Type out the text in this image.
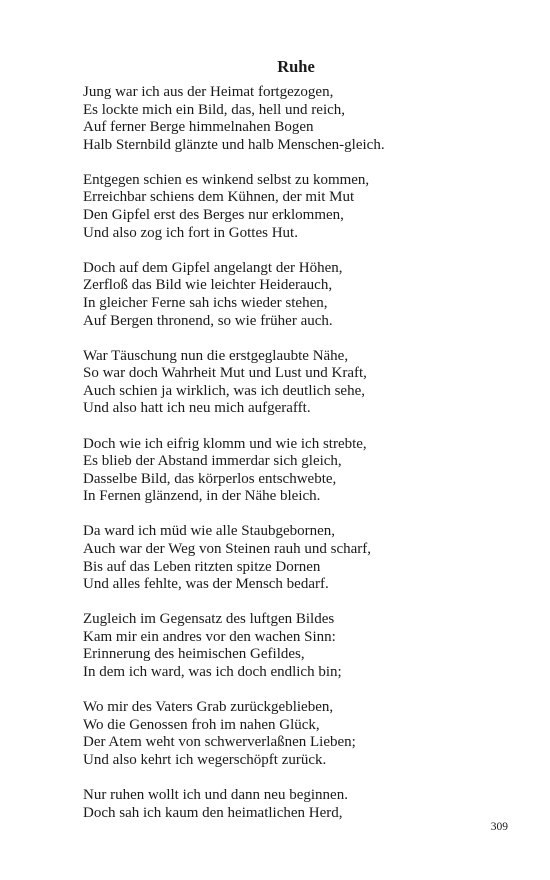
Ruhe

Jung war ich aus der Heimat fortgezogen,
Es lockte mich ein Bild, das, hell und reich,
Auf ferner Berge himmelnahen Bogen
Halb Sternbild glänzte und halb Menschen-gleich.

Entgegen schien es winkend selbst zu kommen,
Erreichbar schiens dem Kühnen, der mit Mut
Den Gipfel erst des Berges nur erklommen,
Und also zog ich fort in Gottes Hut.

Doch auf dem Gipfel angelangt der Höhen,
Zerfloß das Bild wie leichter Heiderauch,
In gleicher Ferne sah ichs wieder stehen,
Auf Bergen thronend, so wie früher auch.

War Täuschung nun die erstgeglaubte Nähe,
So war doch Wahrheit Mut und Lust und Kraft,
Auch schien ja wirklich, was ich deutlich sehe,
Und also hatt ich neu mich aufgerafft.

Doch wie ich eifrig klomm und wie ich strebte,
Es blieb der Abstand immerdar sich gleich,
Dasselbe Bild, das körperlos entschwebte,
In Fernen glänzend, in der Nähe bleich.

Da ward ich müd wie alle Staubgebornen,
Auch war der Weg von Steinen rauh und scharf,
Bis auf das Leben ritzten spitze Dornen
Und alles fehlte, was der Mensch bedarf.

Zugleich im Gegensatz des luftgen Bildes
Kam mir ein andres vor den wachen Sinn:
Erinnerung des heimischen Gefildes,
In dem ich ward, was ich doch endlich bin;

Wo mir des Vaters Grab zurückgeblieben,
Wo die Genossen froh im nahen Glück,
Der Atem weht von schwerverlaßnen Lieben;
Und also kehrt ich wegerschöpft zurück.

Nur ruhen wollt ich und dann neu beginnen.
Doch sah ich kaum den heimatlichen Herd,

309
